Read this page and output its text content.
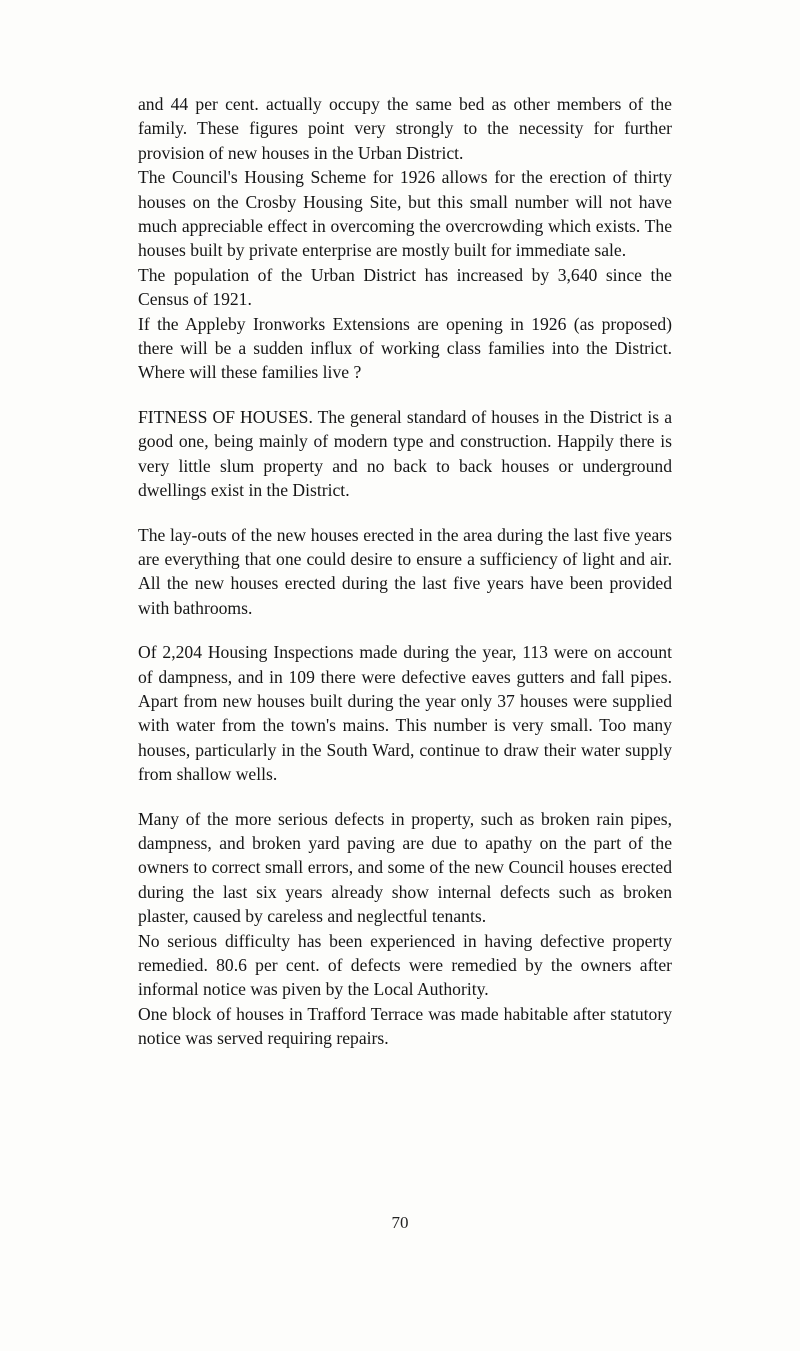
and 44 per cent. actually occupy the same bed as other members of the family. These figures point very strongly to the necessity for further provision of new houses in the Urban District.

The Council's Housing Scheme for 1926 allows for the erection of thirty houses on the Crosby Housing Site, but this small number will not have much appreciable effect in overcoming the overcrowding which exists. The houses built by private enterprise are mostly built for immediate sale.

The population of the Urban District has increased by 3,640 since the Census of 1921.

If the Appleby Ironworks Extensions are opening in 1926 (as proposed) there will be a sudden influx of working class families into the District. Where will these families live ?

FITNESS OF HOUSES. The general standard of houses in the District is a good one, being mainly of modern type and construction. Happily there is very little slum property and no back to back houses or underground dwellings exist in the District.

The lay-outs of the new houses erected in the area during the last five years are everything that one could desire to ensure a sufficiency of light and air. All the new houses erected during the last five years have been provided with bathrooms.

Of 2,204 Housing Inspections made during the year, 113 were on account of dampness, and in 109 there were defective eaves gutters and fall pipes. Apart from new houses built during the year only 37 houses were supplied with water from the town's mains. This number is very small. Too many houses, particularly in the South Ward, continue to draw their water supply from shallow wells.

Many of the more serious defects in property, such as broken rain pipes, dampness, and broken yard paving are due to apathy on the part of the owners to correct small errors, and some of the new Council houses erected during the last six years already show internal defects such as broken plaster, caused by careless and neglectful tenants.

No serious difficulty has been experienced in having defective property remedied. 80.6 per cent. of defects were remedied by the owners after informal notice was piven by the Local Authority.

One block of houses in Trafford Terrace was made habitable after statutory notice was served requiring repairs.

70
